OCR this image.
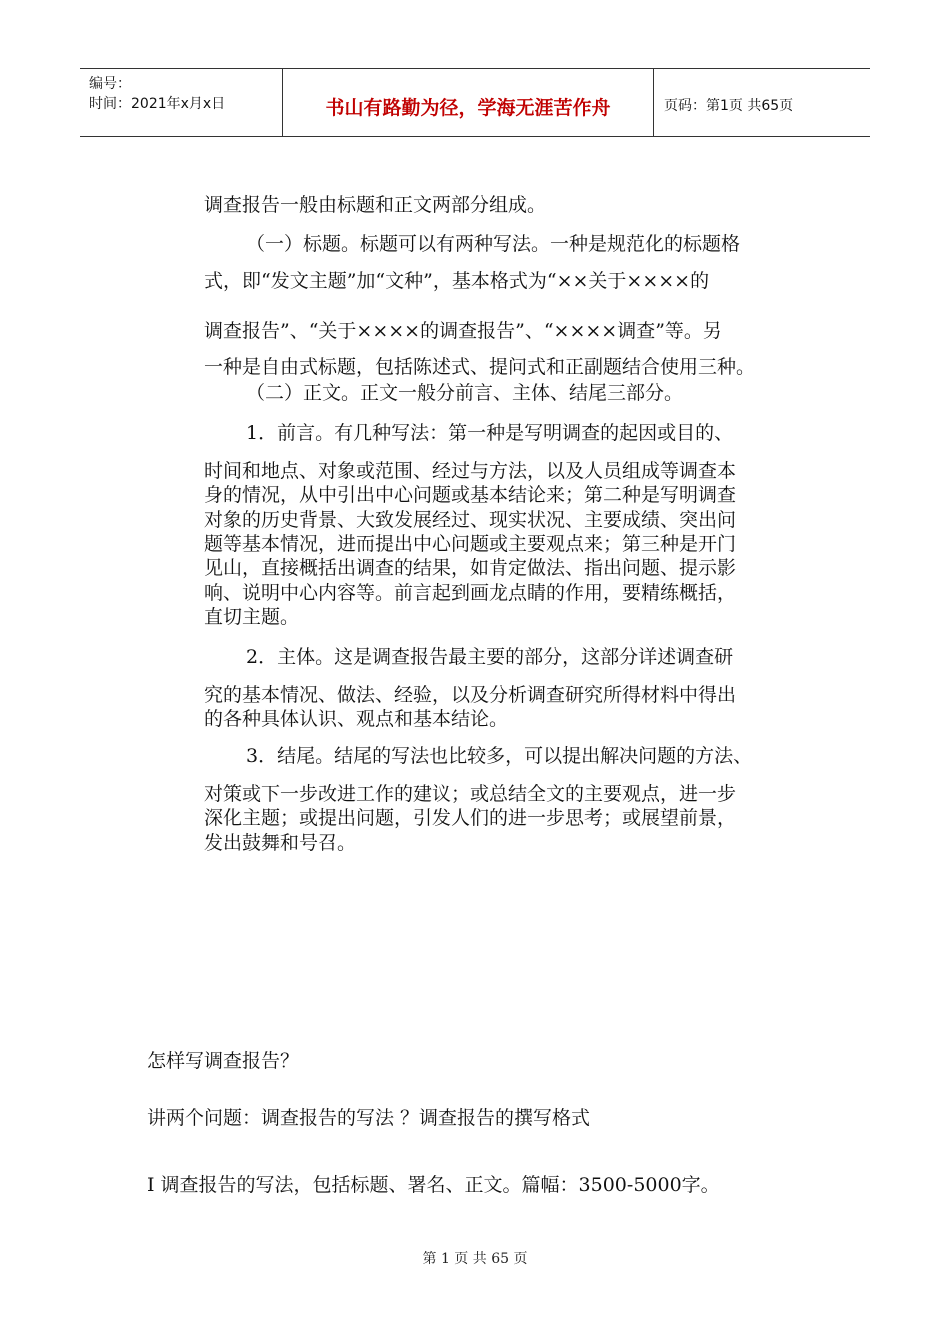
编号：
时间：2021年x月x日	书山有路勤为径，学海无涯苦作舟	页码：第1页 共65页

调查报告一般由标题和正文两部分组成。

（一）标题。标题可以有两种写法。一种是规范化的标题格

式，即“发文主题”加“文种”，基本格式为“××关于××××的

调查报告”、“关于××××的调查报告”、“××××调查”等。另

一种是自由式标题，包括陈述式、提问式和正副题结合使用三种。

（二）正文。正文一般分前言、主体、结尾三部分。

1．前言。有几种写法：第一种是写明调查的起因或目的、

时间和地点、对象或范围、经过与方法，以及人员组成等调查本

身的情况，从中引出中心问题或基本结论来；第二种是写明调查

对象的历史背景、大致发展经过、现实状况、主要成绩、突出问

题等基本情况，进而提出中心问题或主要观点来；第三种是开门

见山，直接概括出调查的结果，如肯定做法、指出问题、提示影

响、说明中心内容等。前言起到画龙点睛的作用，要精练概括，

直切主题。

2．主体。这是调查报告最主要的部分，这部分详述调查研

究的基本情况、做法、经验，以及分析调查研究所得材料中得出

的各种具体认识、观点和基本结论。

3．结尾。结尾的写法也比较多，可以提出解决问题的方法、

对策或下一步改进工作的建议；或总结全文的主要观点，进一步

深化主题；或提出问题，引发人们的进一步思考；或展望前景，

发出鼓舞和号召。

怎样写调查报告？

讲两个问题：调查报告的写法 ？调查报告的撰写格式

Ⅰ 调查报告的写法，包括标题、署名、正文。篇幅：3500-5000字。

第 1 页 共 65 页
